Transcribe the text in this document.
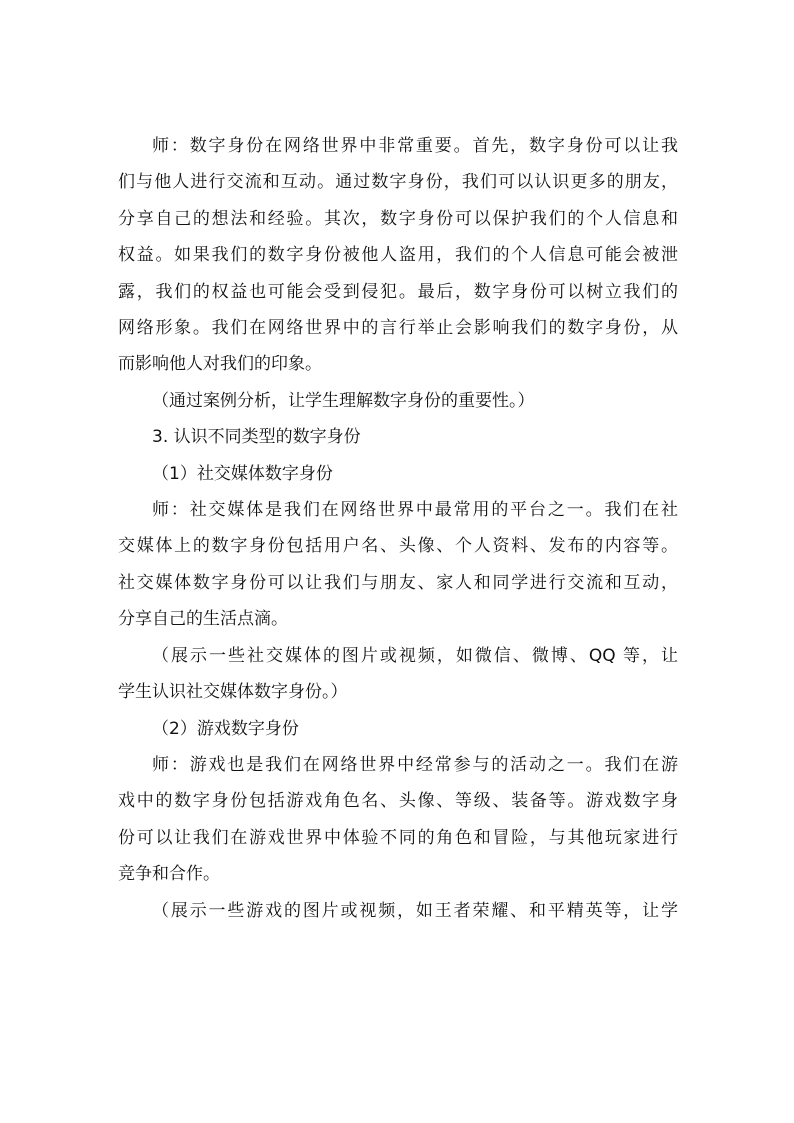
师：数字身份在网络世界中非常重要。首先，数字身份可以让我
们与他人进行交流和互动。通过数字身份，我们可以认识更多的朋友，
分享自己的想法和经验。其次，数字身份可以保护我们的个人信息和
权益。如果我们的数字身份被他人盗用，我们的个人信息可能会被泄
露，我们的权益也可能会受到侵犯。最后，数字身份可以树立我们的
网络形象。我们在网络世界中的言行举止会影响我们的数字身份，从
而影响他人对我们的印象。

（通过案例分析，让学生理解数字身份的重要性。）

3. 认识不同类型的数字身份

（1）社交媒体数字身份

师：社交媒体是我们在网络世界中最常用的平台之一。我们在社
交媒体上的数字身份包括用户名、头像、个人资料、发布的内容等。
社交媒体数字身份可以让我们与朋友、家人和同学进行交流和互动，
分享自己的生活点滴。

（展示一些社交媒体的图片或视频，如微信、微博、QQ 等，让
学生认识社交媒体数字身份。）

（2）游戏数字身份

师：游戏也是我们在网络世界中经常参与的活动之一。我们在游
戏中的数字身份包括游戏角色名、头像、等级、装备等。游戏数字身
份可以让我们在游戏世界中体验不同的角色和冒险，与其他玩家进行
竞争和合作。

（展示一些游戏的图片或视频，如王者荣耀、和平精英等，让学
